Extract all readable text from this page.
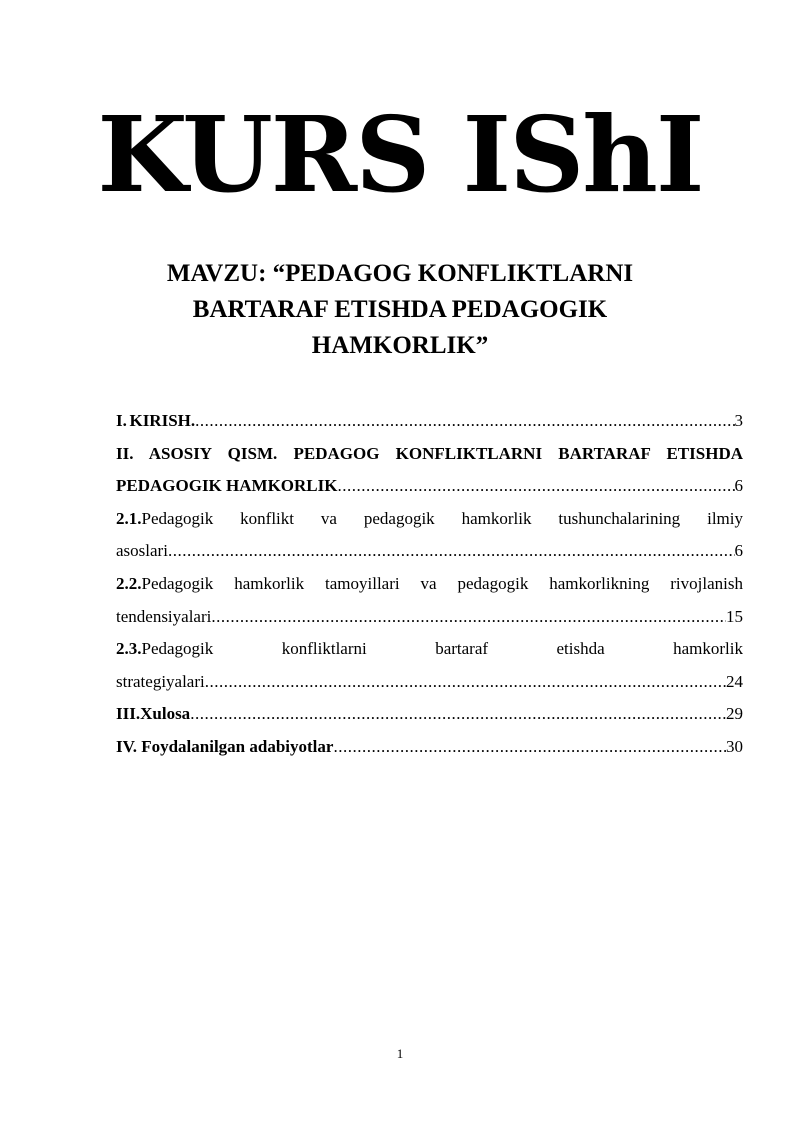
KURS IShI
MAVZU: “PEDAGOG KONFLIKTLARNI BARTARAF ETISHDA PEDAGOGIK HAMKORLIK”
I. KIRISH. .....	3
II. ASOSIY QISM. PEDAGOG KONFLIKTLARNI BARTARAF ETISHDA
PEDAGOGIK HAMKORLIK .....	6
2.1.Pedagogik konflikt va pedagogik hamkorlik tushunchalarining ilmiy
asoslari .....	6
2.2.Pedagogik hamkorlik tamoyillari va pedagogik hamkorlikning rivojlanish
tendensiyalari .....	15
2.3.Pedagogik konfliktlarni bartaraf etishda hamkorlik
strategiyalari .....	24
III. Xulosa .....	29
IV.
Foydalanilgan adabiyotlar .....	30
1
